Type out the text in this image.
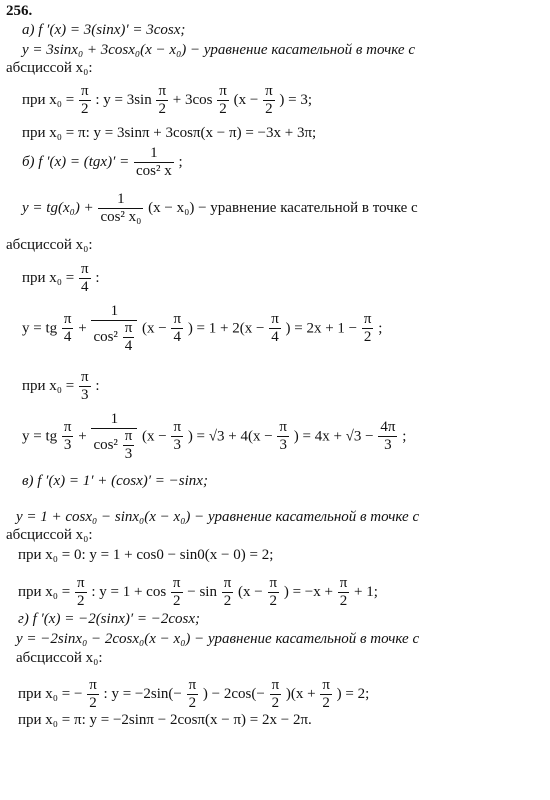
256.
а) f ′(x) = 3(sinx)′ = 3cosx;
y = 3sinx₀ + 3cosx₀(x − x₀) − уравнение касательной в точке с
абсциссой x₀:
при $x_0 = \frac{\pi}{2}$ : $y = 3\sin \frac{\pi}{2} + 3\cos \frac{\pi}{2} (x - \frac{\pi}{2}$ ) = 3;
при x₀ = π: y = 3sinπ + 3cosπ(x − π) = −3x + 3π;
б) f $'(x) = (tgx)' = \frac{1}{\text{cos² x}}$ ;
$y = tg(x_0) + \frac{1}{\text{cos² x₀}} (x - x_0)$ − уравнение касательной в точке с
абсциссой x₀:
при $x_0 = \frac{\pi}{4}$ :
y = tg $\frac{\pi}{4} + \frac{1}{\cos^2 \frac{\pi}{4}} (x - \frac{\pi}{4}$ ) = $1 + 2(x - \frac{\pi}{4}$ ) = $2x + 1 - \frac{\pi}{2}$ ;
при $x_0 = \frac{\pi}{3}$ :
y = tg $\frac{\pi}{3} + \frac{1}{\cos^2 \frac{\pi}{3}} (x - \frac{\pi}{3}$ ) = $√3 + 4(x - \frac{\pi}{3}$ ) = $4x + √3 - \frac{4\pi}{3}$ ;
в) f ′(x) = 1′ + (cosx)′ = −sinx;
y = 1 + cosx₀ − sinx₀(x − x₀) − уравнение касательной в точке с
абсциссой x₀:
при x₀ = 0: y = 1 + cos0 − sin0(x − 0) = 2;
при $x_0 = \frac{\pi}{2}$ : $y = 1 + \cos \frac{\pi}{2} - \sin \frac{\pi}{2} (x - \frac{\pi}{2}$ ) = $-x + \frac{\pi}{2} + 1$;
г) f ′(x) = −2(sinx)′ = −2cosx;
y = −2sinx₀ − 2cosx₀(x − x₀) − уравнение касательной в точке с
абсциссой x₀:
при x₀ = − $\frac{\pi}{2}$ : $y = -2\sin(- \frac{\pi}{2}$ ) − $2\cos(- \frac{\pi}{2} )(x + \frac{\pi}{2}$ ) = 2;
при x₀ = π: y = −2sinπ − 2cosπ(x − π) = 2x − 2π.
